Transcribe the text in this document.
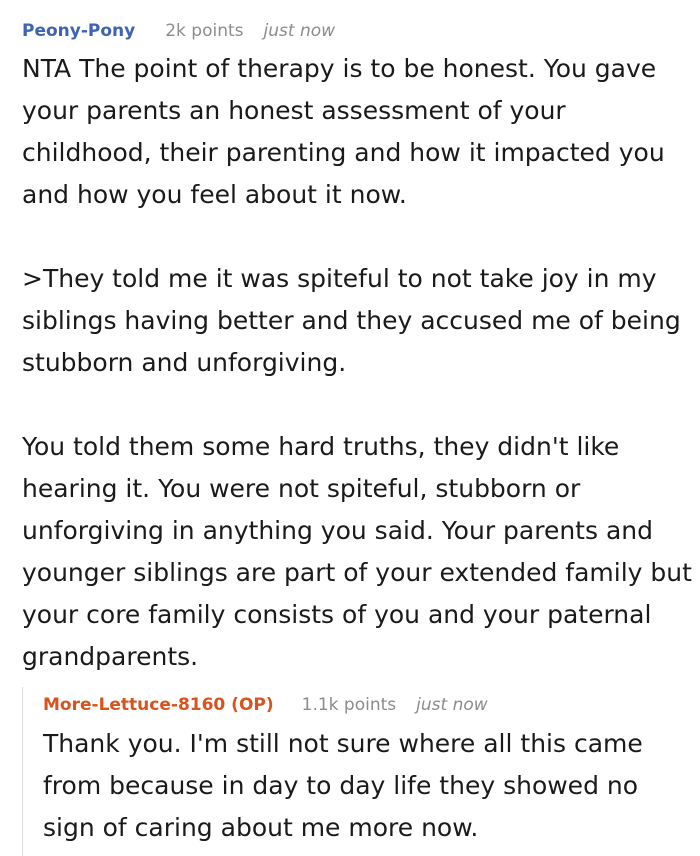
Peony-Pony 2k points just now

NTA The point of therapy is to be honest. You gave your parents an honest assessment of your childhood, their parenting and how it impacted you and how you feel about it now.

>They told me it was spiteful to not take joy in my siblings having better and they accused me of being stubborn and unforgiving.

You told them some hard truths, they didn't like hearing it. You were not spiteful, stubborn or unforgiving in anything you said. Your parents and younger siblings are part of your extended family but your core family consists of you and your paternal grandparents.

More-Lettuce-8160 (OP) 1.1k points just now

Thank you. I'm still not sure where all this came from because in day to day life they showed no sign of caring about me more now.
